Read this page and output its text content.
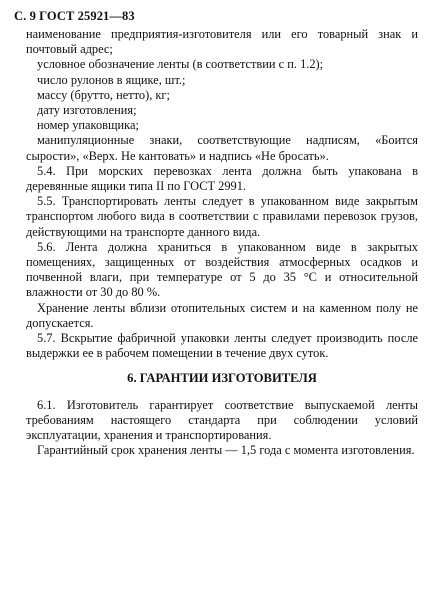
С. 9 ГОСТ 25921—83

наименование предприятия-изготовителя или его товарный знак и почтовый адрес;

условное обозначение ленты (в соответствии с п. 1.2);

число рулонов в ящике, шт.;

массу (брутто, нетто), кг;

дату изготовления;

номер упаковщика;

манипуляционные знаки, соответствующие надписям, «Боится сырости», «Верх. Не кантовать» и надпись «Не бросать».

5.4. При морских перевозках лента должна быть упакована в деревянные ящики типа II по ГОСТ 2991.

5.5. Транспортировать ленты следует в упакованном виде закрытым транспортом любого вида в соответствии с правилами перевозок грузов, действующими на транспорте данного вида.

5.6. Лента должна храниться в упакованном виде в закрытых помещениях, защищенных от воздействия атмосферных осадков и почвенной влаги, при температуре от 5 до 35 °С и относительной влажности от 30 до 80 %.

Хранение ленты вблизи отопительных систем и на каменном полу не допускается.

5.7. Вскрытие фабричной упаковки ленты следует производить после выдержки ее в рабочем помещении в течение двух суток.

6. ГАРАНТИИ ИЗГОТОВИТЕЛЯ

6.1. Изготовитель гарантирует соответствие выпускаемой ленты требованиям настоящего стандарта при соблюдении условий эксплуатации, хранения и транспортирования.

Гарантийный срок хранения ленты — 1,5 года с момента изготовления.
